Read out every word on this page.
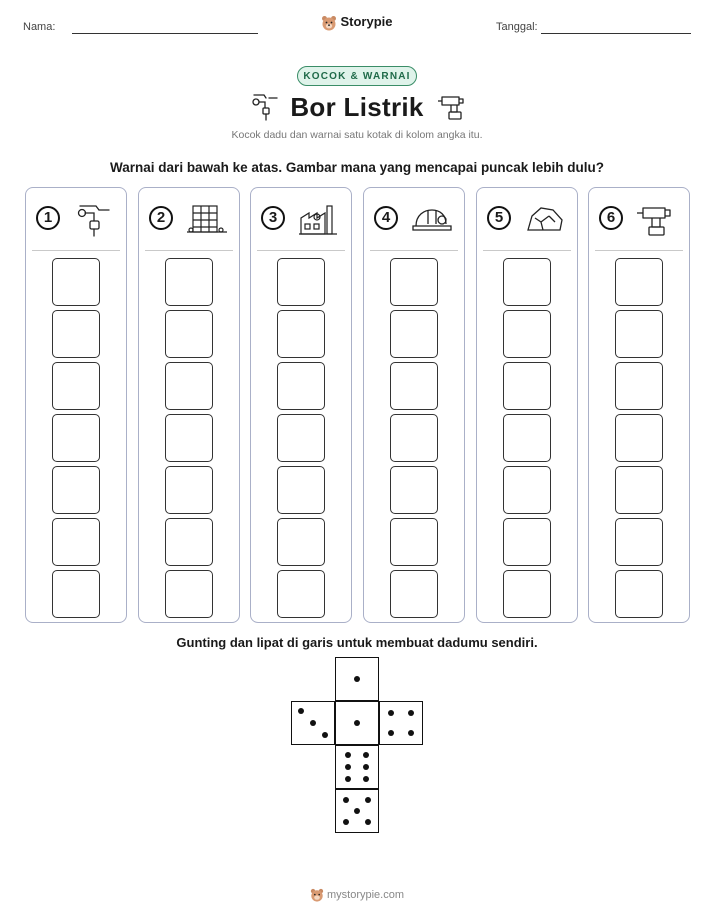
Nama:	Storypie	Tanggal:
KOCOK & WARNAI
Bor Listrik
Kocok dadu dan warnai satu kotak di kolom angka itu.
Warnai dari bawah ke atas. Gambar mana yang mencapai puncak lebih dulu?
1	2	3	4	5	6
Gunting dan lipat di garis untuk membuat dadumu sendiri.
mystorypie.com
